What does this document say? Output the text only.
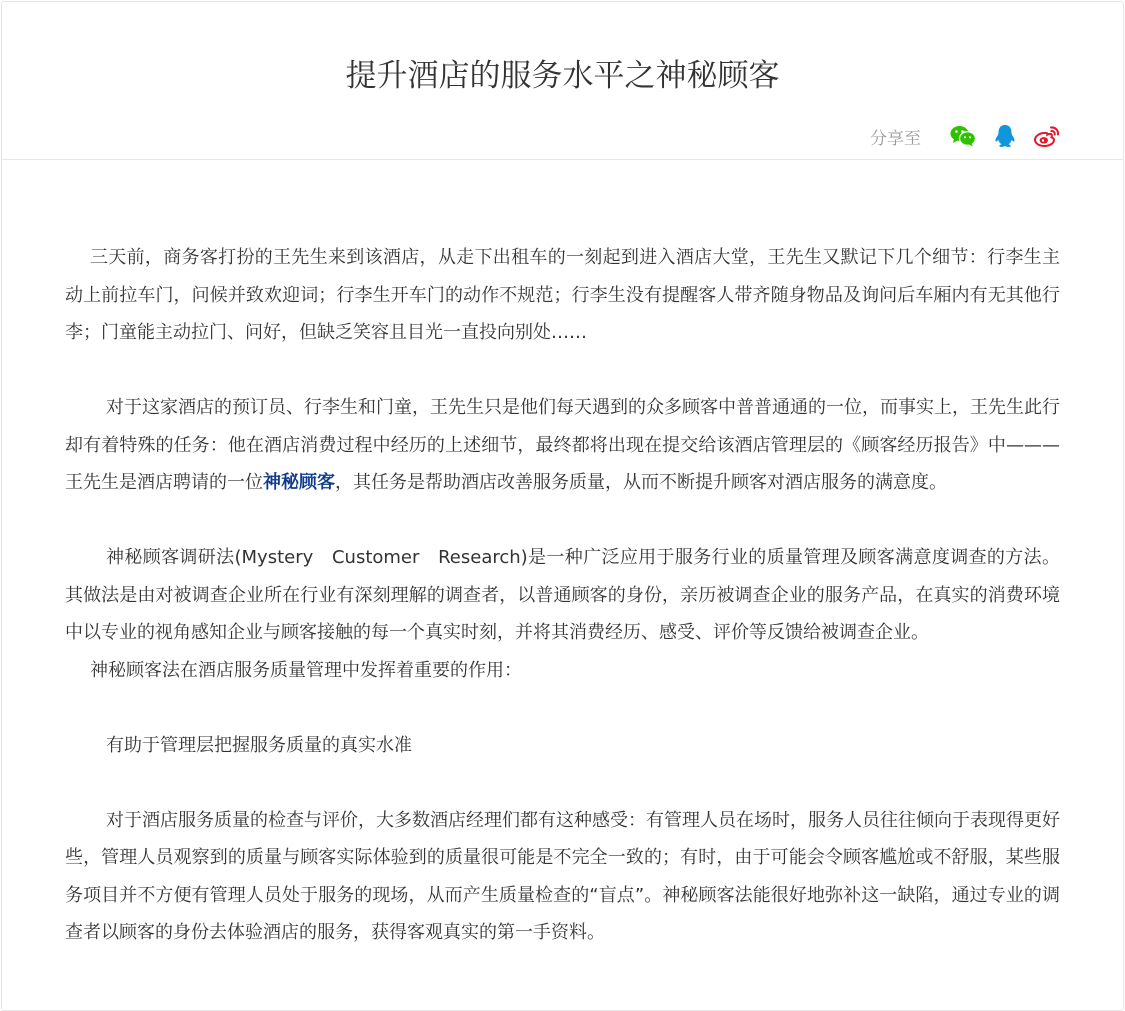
提升酒店的服务水平之神秘顾客
分享至

三天前，商务客打扮的王先生来到该酒店，从走下出租车的一刻起到进入酒店大堂，王先生又默记下几个细节：行李生主动上前拉车门，问候并致欢迎词；行李生开车门的动作不规范；行李生没有提醒客人带齐随身物品及询问后车厢内有无其他行李；门童能主动拉门、问好，但缺乏笑容且目光一直投向别处……

对于这家酒店的预订员、行李生和门童，王先生只是他们每天遇到的众多顾客中普普通通的一位，而事实上，王先生此行却有着特殊的任务：他在酒店消费过程中经历的上述细节，最终都将出现在提交给该酒店管理层的《顾客经历报告》中———王先生是酒店聘请的一位神秘顾客，其任务是帮助酒店改善服务质量，从而不断提升顾客对酒店服务的满意度。

神秘顾客调研法(Mystery　Customer　Research)是一种广泛应用于服务行业的质量管理及顾客满意度调查的方法。其做法是由对被调查企业所在行业有深刻理解的调查者，以普通顾客的身份，亲历被调查企业的服务产品，在真实的消费环境中以专业的视角感知企业与顾客接触的每一个真实时刻，并将其消费经历、感受、评价等反馈给被调查企业。

神秘顾客法在酒店服务质量管理中发挥着重要的作用：

有助于管理层把握服务质量的真实水准

对于酒店服务质量的检查与评价，大多数酒店经理们都有这种感受：有管理人员在场时，服务人员往往倾向于表现得更好些，管理人员观察到的质量与顾客实际体验到的质量很可能是不完全一致的；有时，由于可能会令顾客尴尬或不舒服，某些服务项目并不方便有管理人员处于服务的现场，从而产生质量检查的“盲点”。神秘顾客法能很好地弥补这一缺陷，通过专业的调查者以顾客的身份去体验酒店的服务，获得客观真实的第一手资料。
